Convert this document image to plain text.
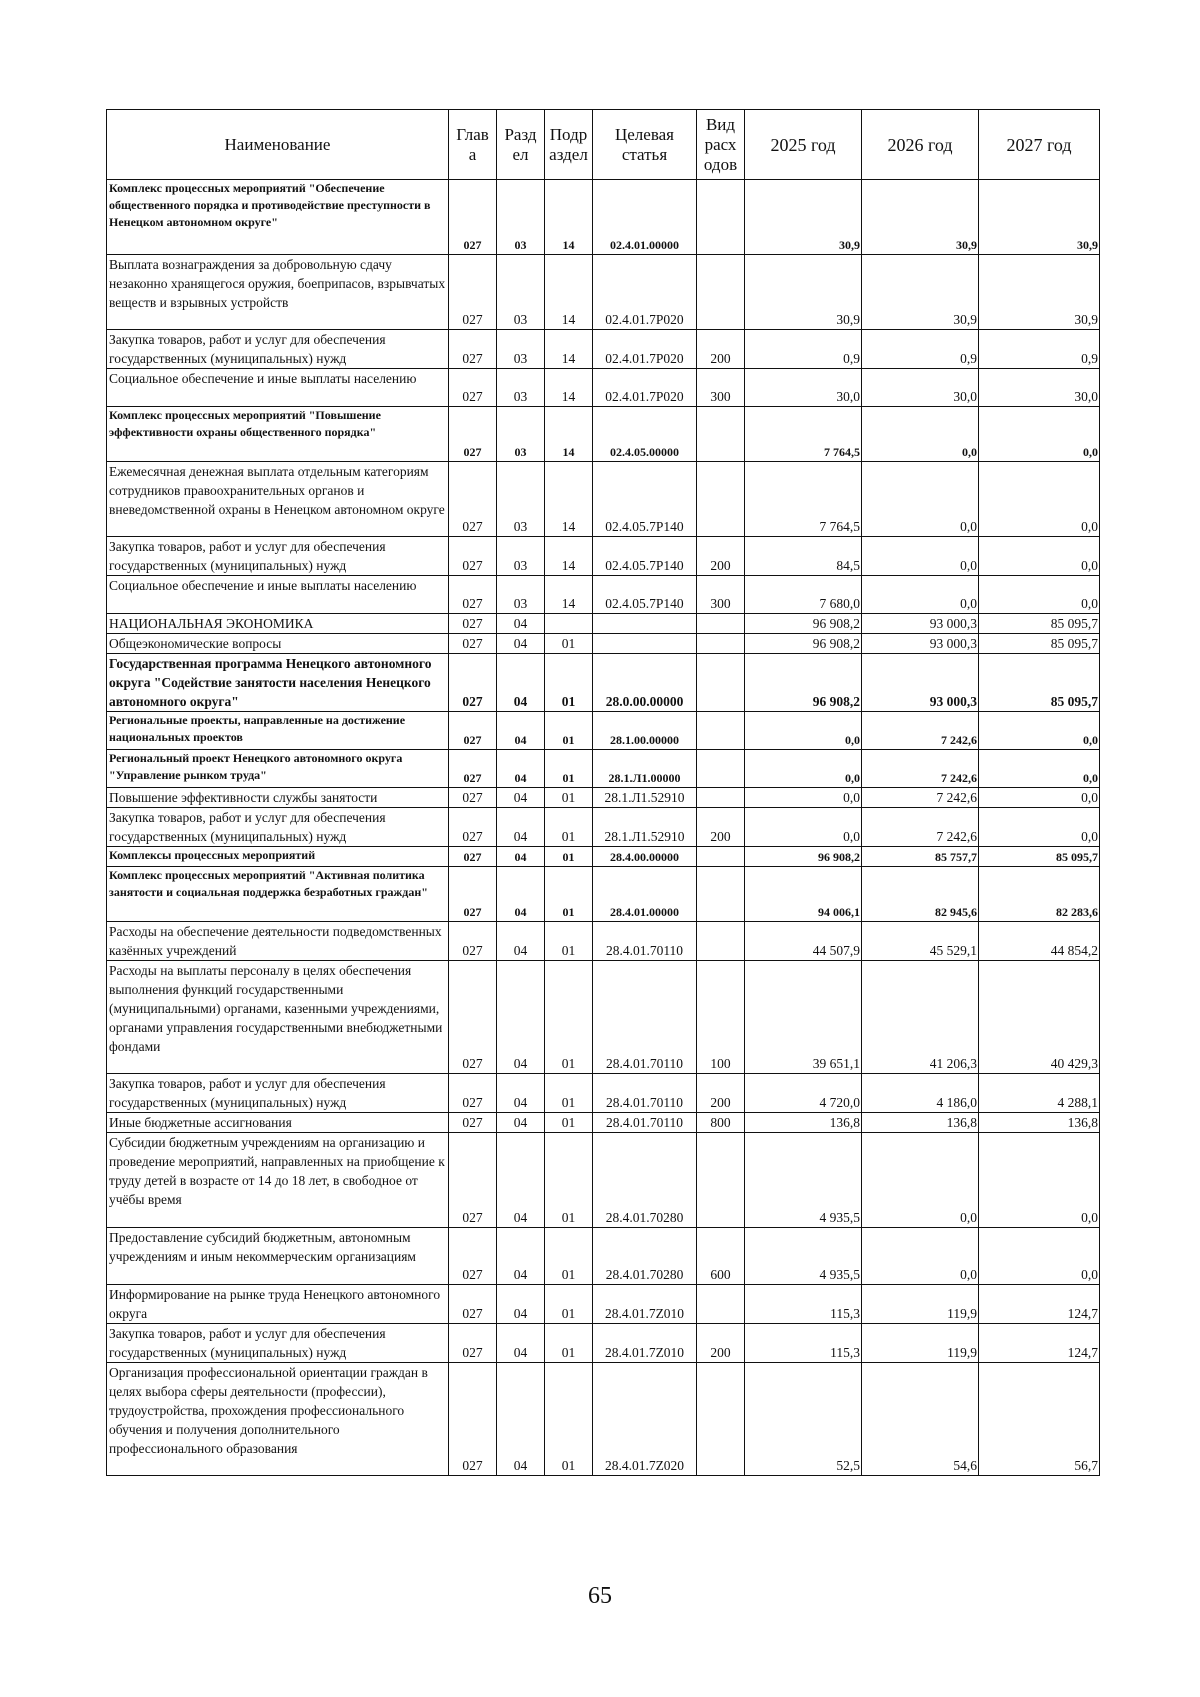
Наименование	Глав а	Разд ел	Подр аздел	Целевая статья	Вид расх одов	2025 год	2026 год	2027 год
Комплекс процессных мероприятий "Обеспечение общественного порядка и противодействие преступности в Ненецком автономном округе"	027	03	14	02.4.01.00000		30,9	30,9	30,9
Выплата вознаграждения за добровольную сдачу незаконно хранящегося оружия, боеприпасов, взрывчатых веществ и взрывных устройств	027	03	14	02.4.01.7Р020		30,9	30,9	30,9
Закупка товаров, работ и услуг для обеспечения государственных (муниципальных) нужд	027	03	14	02.4.01.7Р020	200	0,9	0,9	0,9
Социальное обеспечение и иные выплаты населению	027	03	14	02.4.01.7Р020	300	30,0	30,0	30,0
Комплекс процессных мероприятий "Повышение эффективности охраны общественного порядка"	027	03	14	02.4.05.00000		7 764,5	0,0	0,0
Ежемесячная денежная выплата отдельным категориям сотрудников правоохранительных органов и вневедомственной охраны в Ненецком автономном округе	027	03	14	02.4.05.7Р140		7 764,5	0,0	0,0
Закупка товаров, работ и услуг для обеспечения государственных (муниципальных) нужд	027	03	14	02.4.05.7Р140	200	84,5	0,0	0,0
Социальное обеспечение и иные выплаты населению	027	03	14	02.4.05.7Р140	300	7 680,0	0,0	0,0
НАЦИОНАЛЬНАЯ ЭКОНОМИКА	027	04				96 908,2	93 000,3	85 095,7
Общеэкономические вопросы	027	04	01			96 908,2	93 000,3	85 095,7
Государственная программа Ненецкого автономного округа "Содействие занятости населения Ненецкого автономного округа"	027	04	01	28.0.00.00000		96 908,2	93 000,3	85 095,7
Региональные проекты, направленные на достижение национальных проектов	027	04	01	28.1.00.00000		0,0	7 242,6	0,0
Региональный проект Ненецкого автономного округа "Управление рынком труда"	027	04	01	28.1.Л1.00000		0,0	7 242,6	0,0
Повышение эффективности службы занятости	027	04	01	28.1.Л1.52910		0,0	7 242,6	0,0
Закупка товаров, работ и услуг для обеспечения государственных (муниципальных) нужд	027	04	01	28.1.Л1.52910	200	0,0	7 242,6	0,0
Комплексы процессных мероприятий	027	04	01	28.4.00.00000		96 908,2	85 757,7	85 095,7
Комплекс процессных мероприятий "Активная политика занятости и социальная поддержка безработных граждан"	027	04	01	28.4.01.00000		94 006,1	82 945,6	82 283,6
Расходы на обеспечение деятельности подведомственных казённых учреждений	027	04	01	28.4.01.70110		44 507,9	45 529,1	44 854,2
Расходы на выплаты персоналу в целях обеспечения выполнения функций государственными (муниципальными) органами, казенными учреждениями, органами управления государственными внебюджетными фондами	027	04	01	28.4.01.70110	100	39 651,1	41 206,3	40 429,3
Закупка товаров, работ и услуг для обеспечения государственных (муниципальных) нужд	027	04	01	28.4.01.70110	200	4 720,0	4 186,0	4 288,1
Иные бюджетные ассигнования	027	04	01	28.4.01.70110	800	136,8	136,8	136,8
Субсидии бюджетным учреждениям на организацию и проведение мероприятий, направленных на приобщение к труду детей в возрасте от 14 до 18 лет, в свободное от учёбы время	027	04	01	28.4.01.70280		4 935,5	0,0	0,0
Предоставление субсидий бюджетным, автономным учреждениям и иным некоммерческим организациям	027	04	01	28.4.01.70280	600	4 935,5	0,0	0,0
Информирование на рынке труда Ненецкого автономного округа	027	04	01	28.4.01.7Z010		115,3	119,9	124,7
Закупка товаров, работ и услуг для обеспечения государственных (муниципальных) нужд	027	04	01	28.4.01.7Z010	200	115,3	119,9	124,7
Организация профессиональной ориентации граждан в целях выбора сферы деятельности (профессии), трудоустройства, прохождения профессионального обучения и получения дополнительного профессионального образования	027	04	01	28.4.01.7Z020		52,5	54,6	56,7
65
